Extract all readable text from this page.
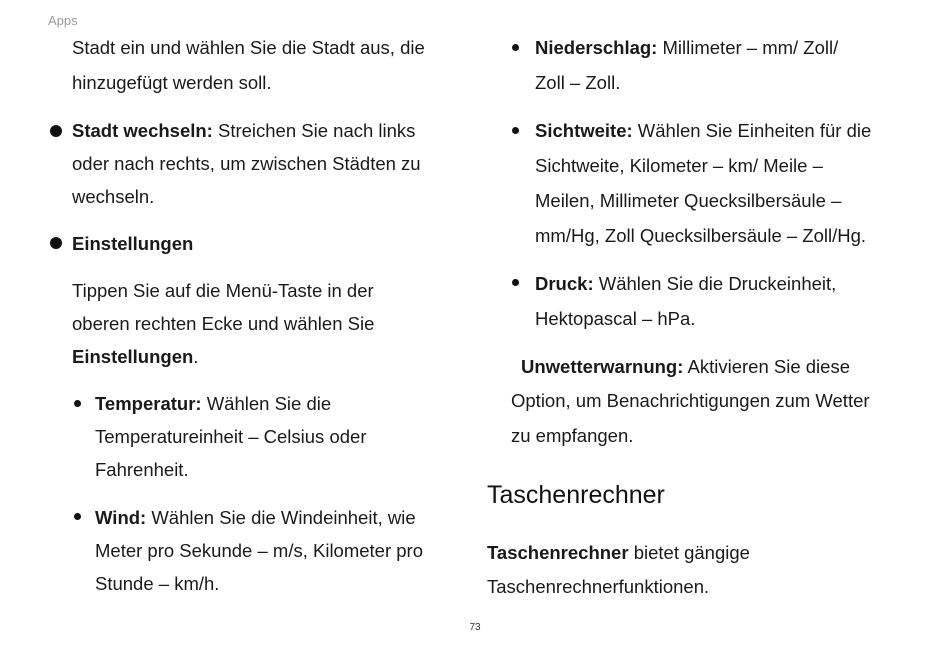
Apps
Stadt ein und wählen Sie die Stadt aus, die
hinzugefügt werden soll.
Stadt wechseln: Streichen Sie nach links
oder nach rechts, um zwischen Städten zu
wechseln.
Einstellungen
Tippen Sie auf die Menü-Taste in der
oberen rechten Ecke und wählen Sie
Einstellungen.
Temperatur: Wählen Sie die
Temperatureinheit – Celsius oder
Fahrenheit.
Wind: Wählen Sie die Windeinheit, wie
Meter pro Sekunde – m/s, Kilometer pro
Stunde – km/h.
Niederschlag: Millimeter – mm/ Zoll/
Zoll – Zoll.
Sichtweite: Wählen Sie Einheiten für die
Sichtweite, Kilometer – km/ Meile –
Meilen, Millimeter Quecksilbersäule –
mm/Hg, Zoll Quecksilbersäule – Zoll/Hg.
Druck: Wählen Sie die Druckeinheit,
Hektopascal – hPa.
Unwetterwarnung: Aktivieren Sie diese
Option, um Benachrichtigungen zum Wetter
zu empfangen.
Taschenrechner
Taschenrechner bietet gängige
Taschenrechnerfunktionen.
73
